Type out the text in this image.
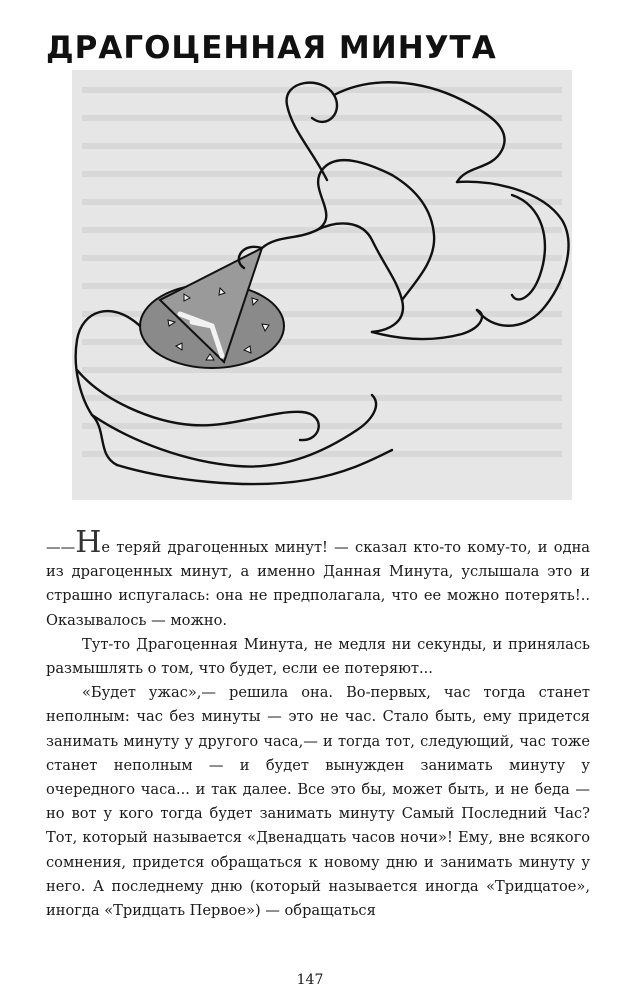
ДРАГОЦЕННАЯ МИНУТА

——Не теряй драгоценных минут! — сказал кто-то кому-то, и одна из драгоценных минут, а именно Данная Минута, услышала это и страшно испугалась: она не предполагала, что ее можно потерять!.. Оказывалось — можно.

Тут-то Драгоценная Минута, не медля ни секунды, и принялась размышлять о том, что будет, если ее потеряют...

«Будет ужас»,— решила она. Во-первых, час тогда станет неполным: час без минуты — это не час. Стало быть, ему придется занимать минуту у другого часа,— и тогда тот, следующий, час тоже станет неполным — и будет вынужден занимать минуту у очередного часа... и так далее. Все это бы, может быть, и не беда — но вот у кого тогда будет занимать минуту Самый Последний Час? Тот, который называется «Двенадцать часов ночи»! Ему, вне всякого сомнения, придется обращаться к новому дню и занимать минуту у него. А последнему дню (который называется иногда «Тридцатое», иногда «Тридцать Первое») — обращаться

147
